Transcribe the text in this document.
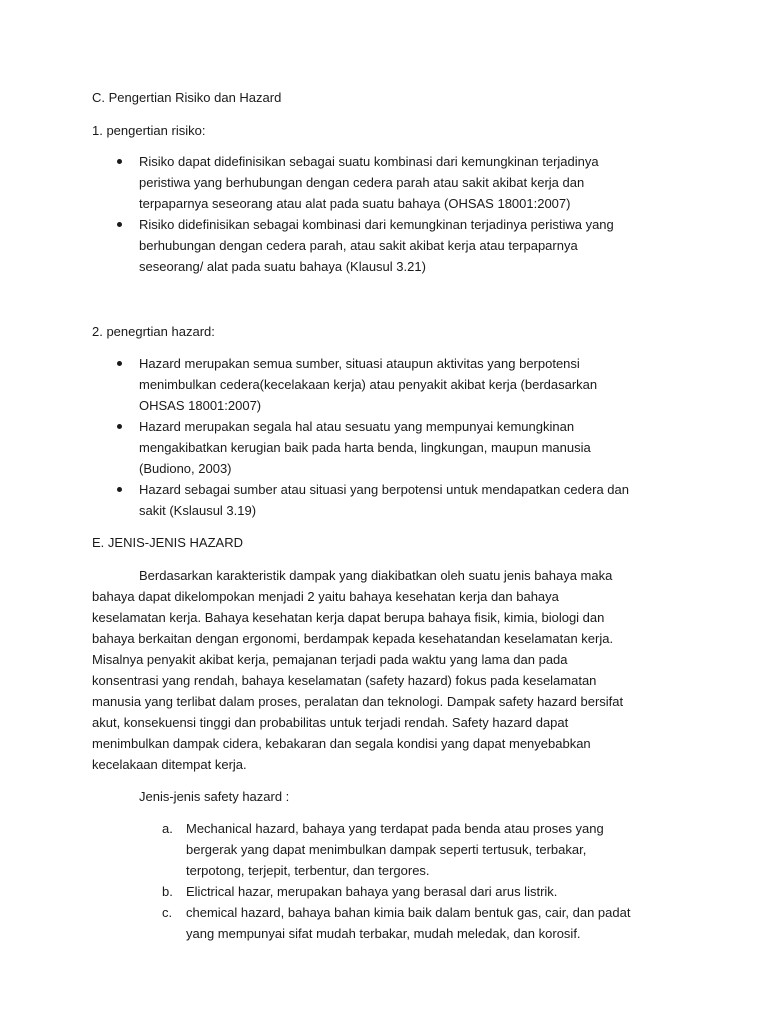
C. Pengertian Risiko dan Hazard
1. pengertian risiko:
Risiko dapat didefinisikan sebagai suatu kombinasi dari kemungkinan terjadinya
peristiwa yang berhubungan dengan cedera parah atau sakit akibat kerja dan
terpaparnya seseorang atau alat pada suatu bahaya (OHSAS 18001:2007)
Risiko didefinisikan sebagai kombinasi dari kemungkinan terjadinya peristiwa yang
berhubungan dengan cedera parah, atau sakit akibat kerja atau terpaparnya
seseorang/ alat pada suatu bahaya (Klausul 3.21)
2. penegrtian hazard:
Hazard merupakan semua sumber, situasi ataupun aktivitas yang berpotensi
menimbulkan cedera(kecelakaan kerja) atau penyakit akibat kerja (berdasarkan
OHSAS 18001:2007)
Hazard merupakan segala hal atau sesuatu yang mempunyai kemungkinan
mengakibatkan kerugian baik pada harta benda, lingkungan, maupun manusia
(Budiono, 2003)
Hazard sebagai sumber atau situasi yang berpotensi untuk mendapatkan cedera dan
sakit (Kslausul 3.19)
E. JENIS-JENIS HAZARD
Berdasarkan karakteristik dampak yang diakibatkan oleh suatu jenis bahaya maka
bahaya dapat dikelompokan menjadi 2 yaitu bahaya kesehatan kerja dan bahaya
keselamatan kerja. Bahaya kesehatan kerja dapat berupa bahaya fisik, kimia, biologi dan
bahaya berkaitan dengan ergonomi, berdampak kepada kesehatandan keselamatan kerja.
Misalnya penyakit akibat kerja, pemajanan terjadi pada waktu yang lama dan pada
konsentrasi yang rendah, bahaya keselamatan (safety hazard) fokus pada keselamatan
manusia yang terlibat dalam proses, peralatan dan teknologi. Dampak safety hazard bersifat
akut, konsekuensi tinggi dan probabilitas untuk terjadi rendah. Safety hazard dapat
menimbulkan dampak cidera, kebakaran dan segala kondisi yang dapat menyebabkan
kecelakaan ditempat kerja.
Jenis-jenis safety hazard :
a. Mechanical hazard, bahaya yang terdapat pada benda atau proses yang
bergerak yang dapat menimbulkan dampak seperti tertusuk, terbakar,
terpotong, terjepit, terbentur, dan tergores.
b. Elictrical hazar, merupakan bahaya yang berasal dari arus listrik.
c. chemical hazard, bahaya bahan kimia baik dalam bentuk gas, cair, dan padat
yang mempunyai sifat mudah terbakar, mudah meledak, dan korosif.
